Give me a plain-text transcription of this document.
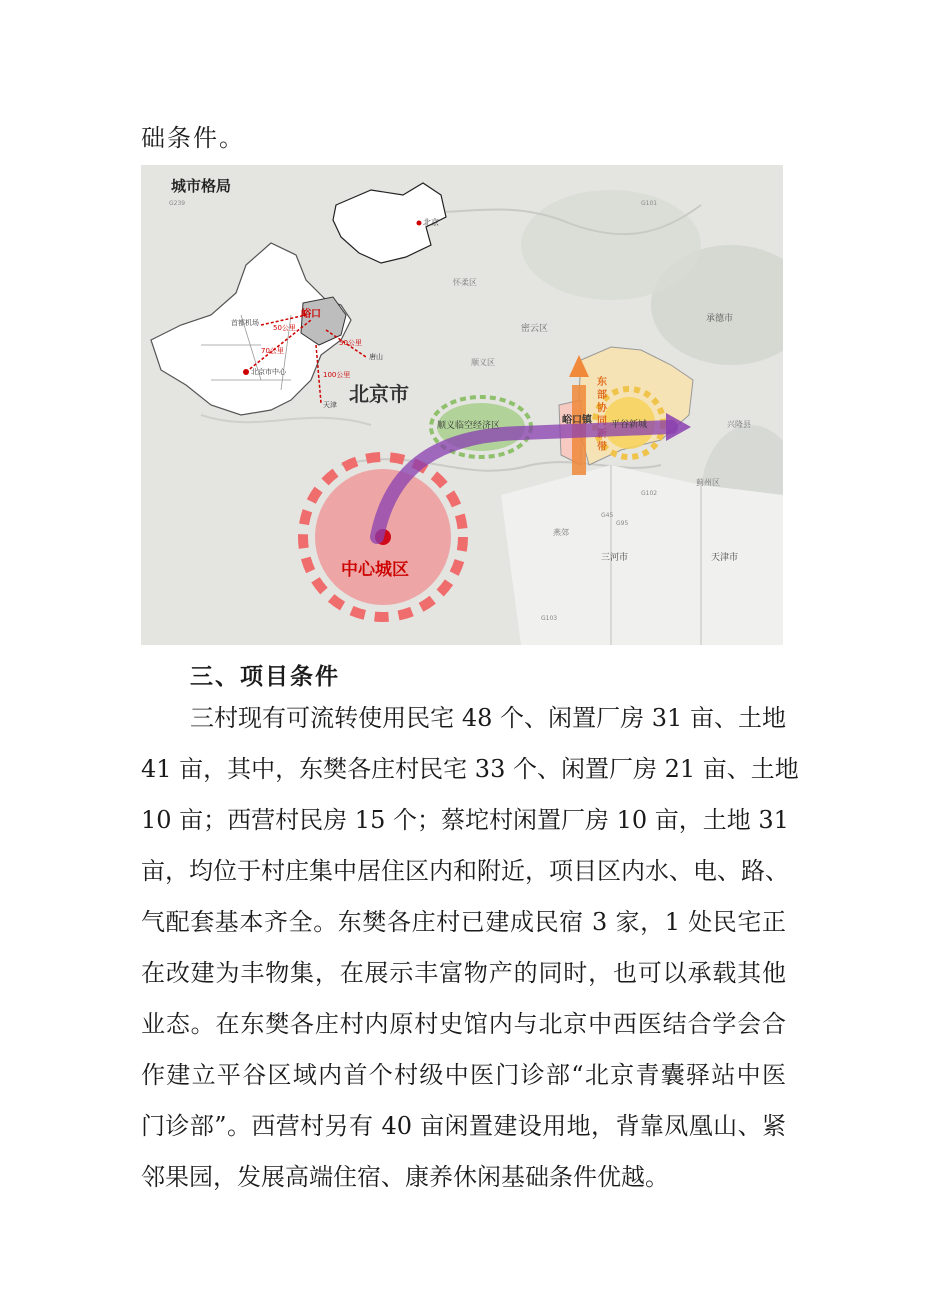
础条件。
北京
峪口
首都机场
北京市中心
天津
唐山
70公里
50公里
50公里
100公里
峪口镇
东
部
协
同
新
带
中心城区
顺义临空经济区	平谷新城
城市格局
北京市
密云区
承德市
三河市	天津市
兴隆县
蓟州区
燕郊
顺义区
怀柔区
G239	G101
G45
G95
G102
G103
三、项目条件
三村现有可流转使用民宅 48 个、闲置厂房 31 亩、土地
41 亩，其中，东樊各庄村民宅 33 个、闲置厂房 21 亩、土地
10 亩；西营村民房 15 个；蔡坨村闲置厂房 10 亩，土地 31
亩，均位于村庄集中居住区内和附近，项目区内水、电、路、
气配套基本齐全。东樊各庄村已建成民宿 3 家，1 处民宅正
在改建为丰物集，在展示丰富物产的同时，也可以承载其他
业态。在东樊各庄村内原村史馆内与北京中西医结合学会合
作建立平谷区域内首个村级中医门诊部“北京青囊驿站中医
门诊部”。西营村另有 40 亩闲置建设用地，背靠凤凰山、紧
邻果园，发展高端住宿、康养休闲基础条件优越。
